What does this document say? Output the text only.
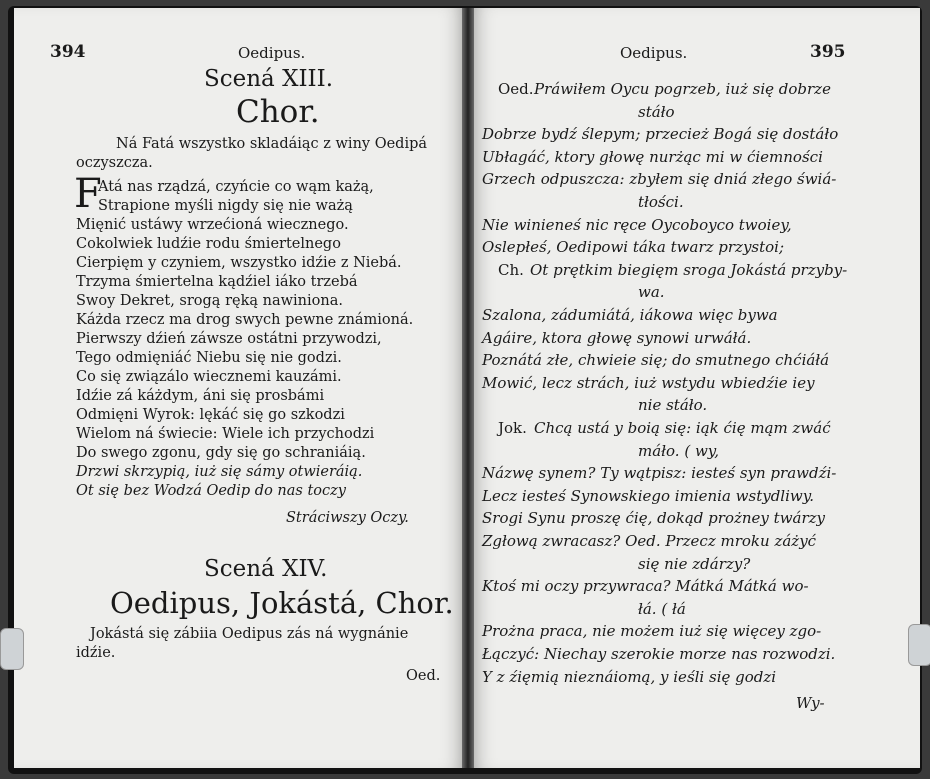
394	Oedipus.
Scená XIII.
Chor.
Ná Fatá wszystko skladáiąc z winy Oedipá
oczyszcza.
F
Atá nas rządzá, czyńcie co wąm każą,
Strapione myśli nigdy się nie ważą
Mięnić ustáwy wrzećioná wiecznego.
Cokolwiek ludźie rodu śmiertelnego
Cierpięm y czyniem, wszystko idźie z Niebá.
Trzyma śmiertelna kądźiel iáko trzebá
Swoy Dekret, srogą ręką nawiniona.
Káżda rzecz ma drog swych pewne známioná.
Pierwszy dźień záwsze ostátni przywodzi,
Tego odmięniáć Niebu się nie godzi.
Co się związálo wiecznemi kauzámi.
Idźie zá káżdym, áni się prosbámi
Odmięni Wyrok: lękáć się go szkodzi
Wielom ná świecie: Wiele ich przychodzi
Do swego zgonu, gdy się go schraniáią.
Drzwi skrzypią, iuż się sámy otwieráią.
Ot się bez Wodzá Oedip do nas toczy
Stráciwszy Oczy.
Scená XIV.
Oedipus, Jokástá, Chor.
Jokástá się zábiia Oedipus zás ná wygnánie
idźie.
Oed.
Oedipus.	395
Oed. Práwiłem Oycu pogrzeb, iuż się dobrze
stáło
Dobrze bydź ślepym; przecież Bogá się dostáło
Ubłagáć, ktory głowę nurżąc mi w ćiemności
Grzech odpuszcza: zbyłem się dniá złego świá-
tłości.
Nie winieneś nic ręce Oycoboyco twoiey,
Oslepłeś, Oedipowi táka twarz przystoi;
Ch. Ot prętkim biegięm sroga Jokástá przyby-
wa.
Szalona, zádumiátá, iákowa więc bywa
Agáire, ktora głowę synowi urwáłá.
Poznátá złe, chwieie się; do smutnego chćiáłá
Mowić, lecz strách, iuż wstydu wbiedźie iey
nie stáło.
Jok. Chcą ustá y boią się: iąk ćię mąm zwáć
máło. ( wy,
Názwę synem? Ty wątpisz: iesteś syn prawdźi-
Lecz iesteś Synowskiego imienia wstydliwy.
Srogi Synu proszę ćię, dokąd prożney twárzy
Zgłową zwracasz? Oed. Przecz mroku záżyć
się nie zdárzy?
Ktoś mi oczy przywraca? Mátká Mátká wo-
łá. ( łá
Prożna praca, nie możem iuż się więcey zgo-
Łączyć: Niechay szerokie morze nas rozwodzi.
Y z źięmią nieznáiomą, y ieśli się godzi
Wy-
